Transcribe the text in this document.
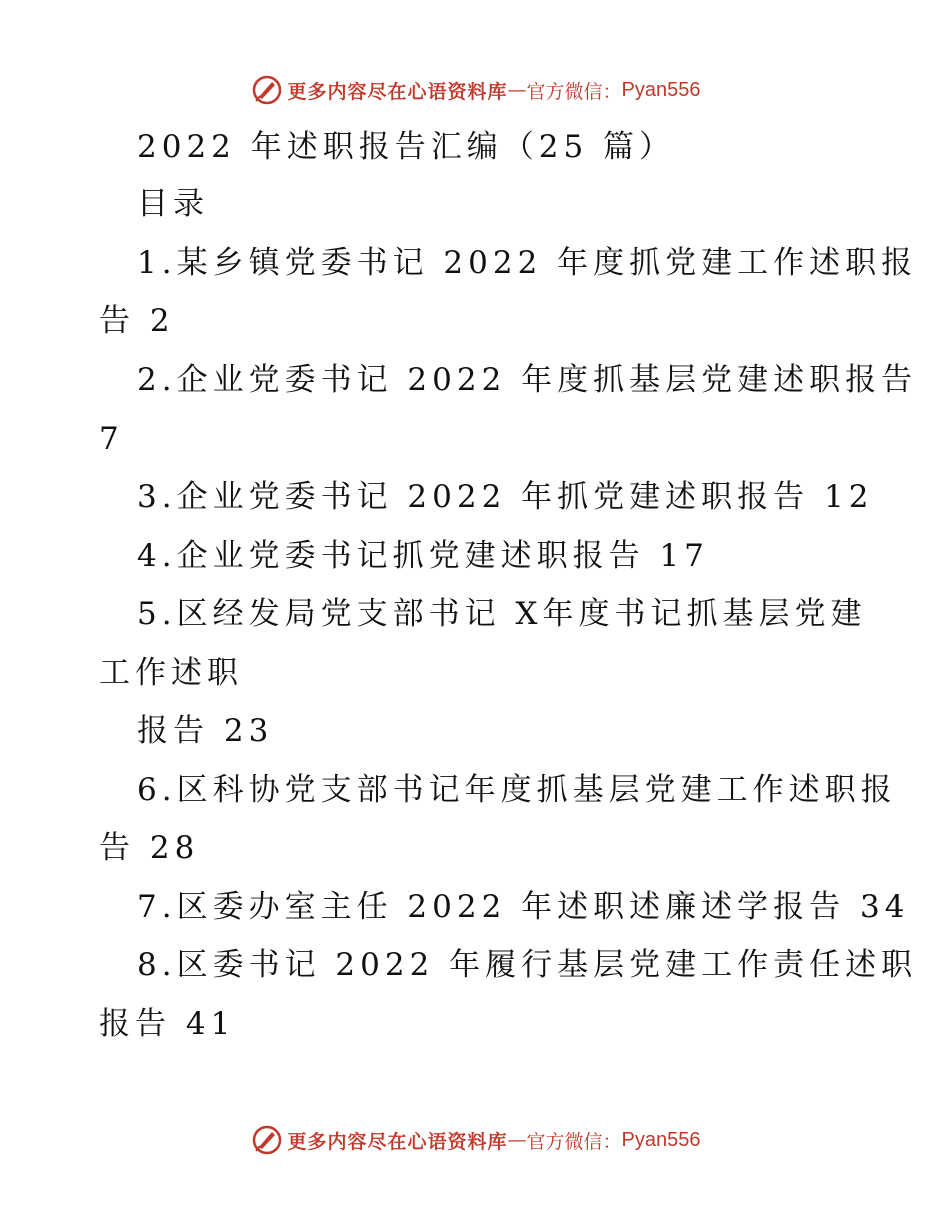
更多内容尽在心语资料库 — 官方微信： Pyan556
2022 年述职报告汇编（25 篇）
目录
1.某乡镇党委书记 2022 年度抓党建工作述职报
告 2
2.企业党委书记 2022 年度抓基层党建述职报告
7
3.企业党委书记 2022 年抓党建述职报告 12
4.企业党委书记抓党建述职报告 17
5.区经发局党支部书记 X年度书记抓基层党建
工作述职
报告 23
6.区科协党支部书记年度抓基层党建工作述职报
告 28
7.区委办室主任 2022 年述职述廉述学报告 34
8.区委书记 2022 年履行基层党建工作责任述职
报告 41
更多内容尽在心语资料库 — 官方微信： Pyan556
